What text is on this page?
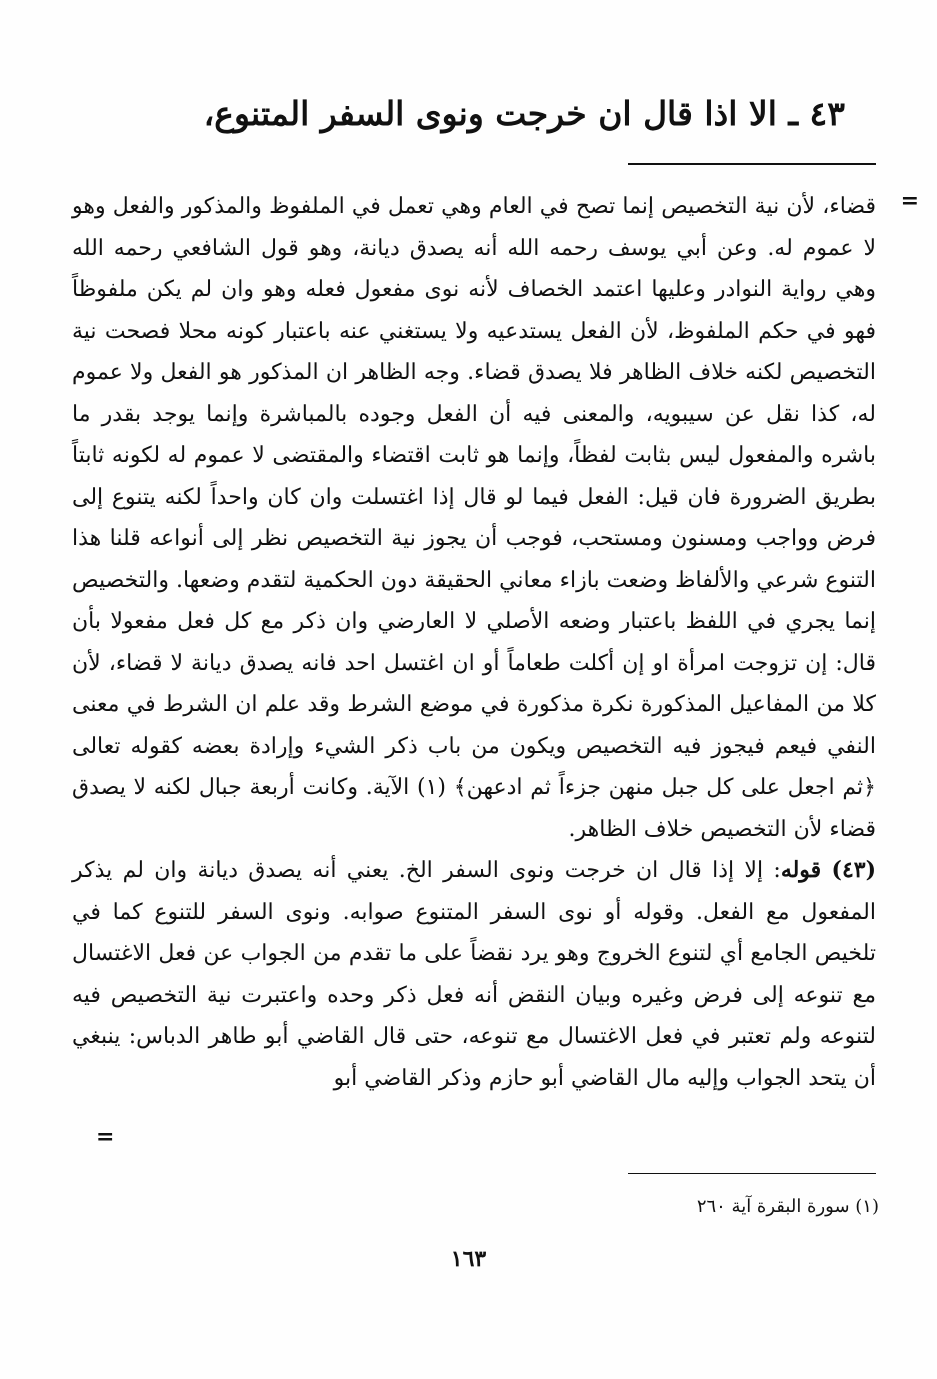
٤٣ ـ الا اذا قال ان خرجت ونوى السفر المتنوع،
=

قضاء، لأن نية التخصيص إنما تصح في العام وهي تعمل في الملفوظ والمذكور والفعل وهو لا عموم له. وعن أبي يوسف رحمه الله أنه يصدق ديانة، وهو قول الشافعي رحمه الله وهي رواية النوادر وعليها اعتمد الخصاف لأنه نوى مفعول فعله وهو وان لم يكن ملفوظاً فهو في حكم الملفوظ، لأن الفعل يستدعيه ولا يستغني عنه باعتبار كونه محلا فصحت نية التخصيص لكنه خلاف الظاهر فلا يصدق قضاء. وجه الظاهر ان المذكور هو الفعل ولا عموم له، كذا نقل عن سيبويه، والمعنى فيه أن الفعل وجوده بالمباشرة وإنما يوجد بقدر ما باشره والمفعول ليس بثابت لفظاً، وإنما هو ثابت اقتضاء والمقتضى لا عموم له لكونه ثابتاً بطريق الضرورة فان قيل: الفعل فيما لو قال إذا اغتسلت وان كان واحداً لكنه يتنوع إلى فرض وواجب ومسنون ومستحب، فوجب أن يجوز نية التخصيص نظر إلى أنواعه قلنا هذا التنوع شرعي والألفاظ وضعت بازاء معاني الحقيقة دون الحكمية لتقدم وضعها. والتخصيص إنما يجري في اللفظ باعتبار وضعه الأصلي لا العارضي وان ذكر مع كل فعل مفعولا بأن قال: إن تزوجت امرأة او إن أكلت طعاماً أو ان اغتسل احد فانه يصدق ديانة لا قضاء، لأن كلا من المفاعيل المذكورة نكرة مذكورة في موضع الشرط وقد علم ان الشرط في معنى النفي فيعم فيجوز فيه التخصيص ويكون من باب ذكر الشيء وإرادة بعضه كقوله تعالى ﴿ثم اجعل على كل جبل منهن جزءاً ثم ادعهن﴾ (١) الآية. وكانت أربعة جبال لكنه لا يصدق قضاء لأن التخصيص خلاف الظاهر.

(٤٣) قوله: إلا إذا قال ان خرجت ونوى السفر الخ. يعني أنه يصدق ديانة وان لم يذكر المفعول مع الفعل. وقوله أو نوى السفر المتنوع صوابه. ونوى السفر للتنوع كما في تلخيص الجامع أي لتنوع الخروج وهو يرد نقضاً على ما تقدم من الجواب عن فعل الاغتسال مع تنوعه إلى فرض وغيره وبيان النقض أنه فعل ذكر وحده واعتبرت نية التخصيص فيه لتنوعه ولم تعتبر في فعل الاغتسال مع تنوعه، حتى قال القاضي أبو طاهر الدباس: ينبغي أن يتحد الجواب وإليه مال القاضي أبو حازم وذكر القاضي أبو

=
(١) سورة البقرة آية ٢٦٠
١٦٣
